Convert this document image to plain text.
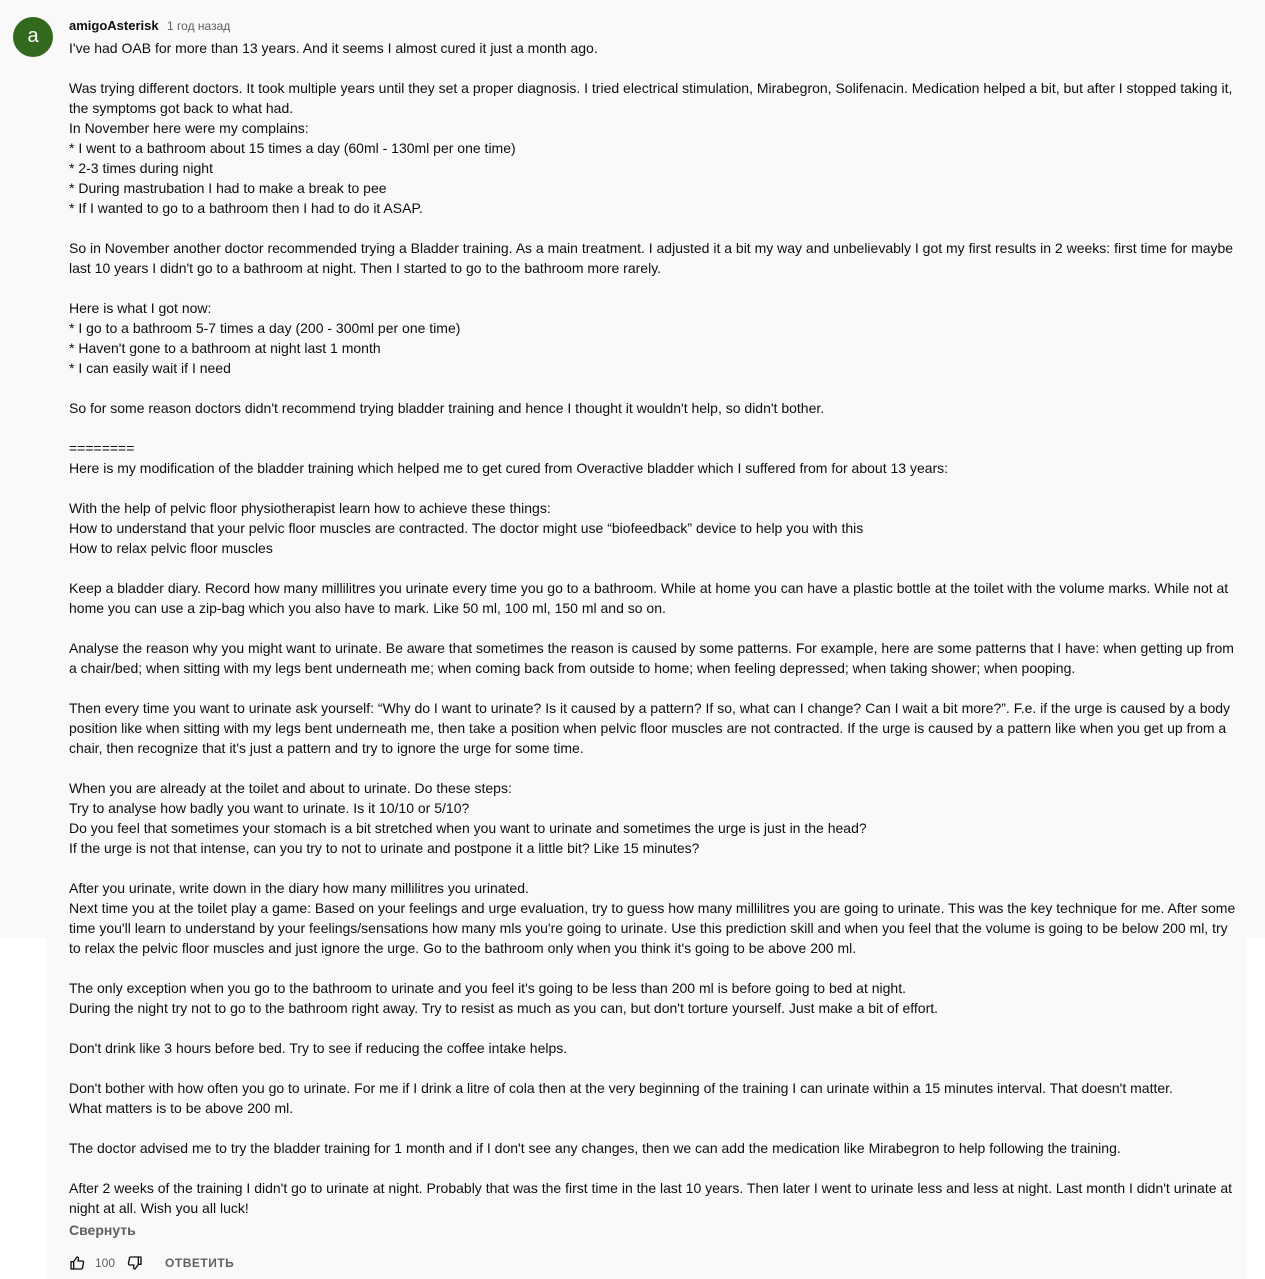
a	amigoAsterisk 1 год назад
I've had OAB for more than 13 years. And it seems I almost cured it just a month ago.
Was trying different doctors. It took multiple years until they set a proper diagnosis. I tried electrical stimulation, Mirabegron, Solifenacin. Medication helped a bit, but after I stopped taking it, the symptoms got back to what had.
In November here were my complains:
* I went to a bathroom about 15 times a day (60ml - 130ml per one time)
* 2-3 times during night
* During mastrubation I had to make a break to pee
* If I wanted to go to a bathroom then I had to do it ASAP.
So in November another doctor recommended trying a Bladder training. As a main treatment. I adjusted it a bit my way and unbelievably I got my first results in 2 weeks: first time for maybe last 10 years I didn't go to a bathroom at night. Then I started to go to the bathroom more rarely.
Here is what I got now:
* I go to a bathroom 5-7 times a day (200 - 300ml per one time)
* Haven't gone to a bathroom at night last 1 month
* I can easily wait if I need
So for some reason doctors didn't recommend trying bladder training and hence I thought it wouldn't help, so didn't bother.
========
Here is my modification of the bladder training which helped me to get cured from Overactive bladder which I suffered from for about 13 years:
With the help of pelvic floor physiotherapist learn how to achieve these things:
How to understand that your pelvic floor muscles are contracted. The doctor might use “biofeedback” device to help you with this
How to relax pelvic floor muscles
Keep a bladder diary. Record how many millilitres you urinate every time you go to a bathroom. While at home you can have a plastic bottle at the toilet with the volume marks. While not at home you can use a zip-bag which you also have to mark. Like 50 ml, 100 ml, 150 ml and so on.
Analyse the reason why you might want to urinate. Be aware that sometimes the reason is caused by some patterns. For example, here are some patterns that I have: when getting up from a chair/bed; when sitting with my legs bent underneath me; when coming back from outside to home; when feeling depressed; when taking shower; when pooping.
Then every time you want to urinate ask yourself: “Why do I want to urinate? Is it caused by a pattern? If so, what can I change? Can I wait a bit more?”. F.e. if the urge is caused by a body position like when sitting with my legs bent underneath me, then take a position when pelvic floor muscles are not contracted. If the urge is caused by a pattern like when you get up from a chair, then recognize that it's just a pattern and try to ignore the urge for some time.
When you are already at the toilet and about to urinate. Do these steps:
Try to analyse how badly you want to urinate. Is it 10/10 or 5/10?
Do you feel that sometimes your stomach is a bit stretched when you want to urinate and sometimes the urge is just in the head?
If the urge is not that intense, can you try to not to urinate and postpone it a little bit? Like 15 minutes?
After you urinate, write down in the diary how many millilitres you urinated.
Next time you at the toilet play a game: Based on your feelings and urge evaluation, try to guess how many millilitres you are going to urinate. This was the key technique for me. After some time you'll learn to understand by your feelings/sensations how many mls you're going to urinate. Use this prediction skill and when you feel that the volume is going to be below 200 ml, try to relax the pelvic floor muscles and just ignore the urge. Go to the bathroom only when you think it's going to be above 200 ml.
The only exception when you go to the bathroom to urinate and you feel it's going to be less than 200 ml is before going to bed at night.
During the night try not to go to the bathroom right away. Try to resist as much as you can, but don't torture yourself. Just make a bit of effort.
Don't drink like 3 hours before bed. Try to see if reducing the coffee intake helps.
Don't bother with how often you go to urinate. For me if I drink a litre of cola then at the very beginning of the training I can urinate within a 15 minutes interval. That doesn't matter.
What matters is to be above 200 ml.
The doctor advised me to try the bladder training for 1 month and if I don't see any changes, then we can add the medication like Mirabegron to help following the training.
After 2 weeks of the training I didn't go to urinate at night. Probably that was the first time in the last 10 years. Then later I went to urinate less and less at night. Last month I didn't urinate at night at all. Wish you all luck!
Свернуть
100	ОТВЕТИТЬ
